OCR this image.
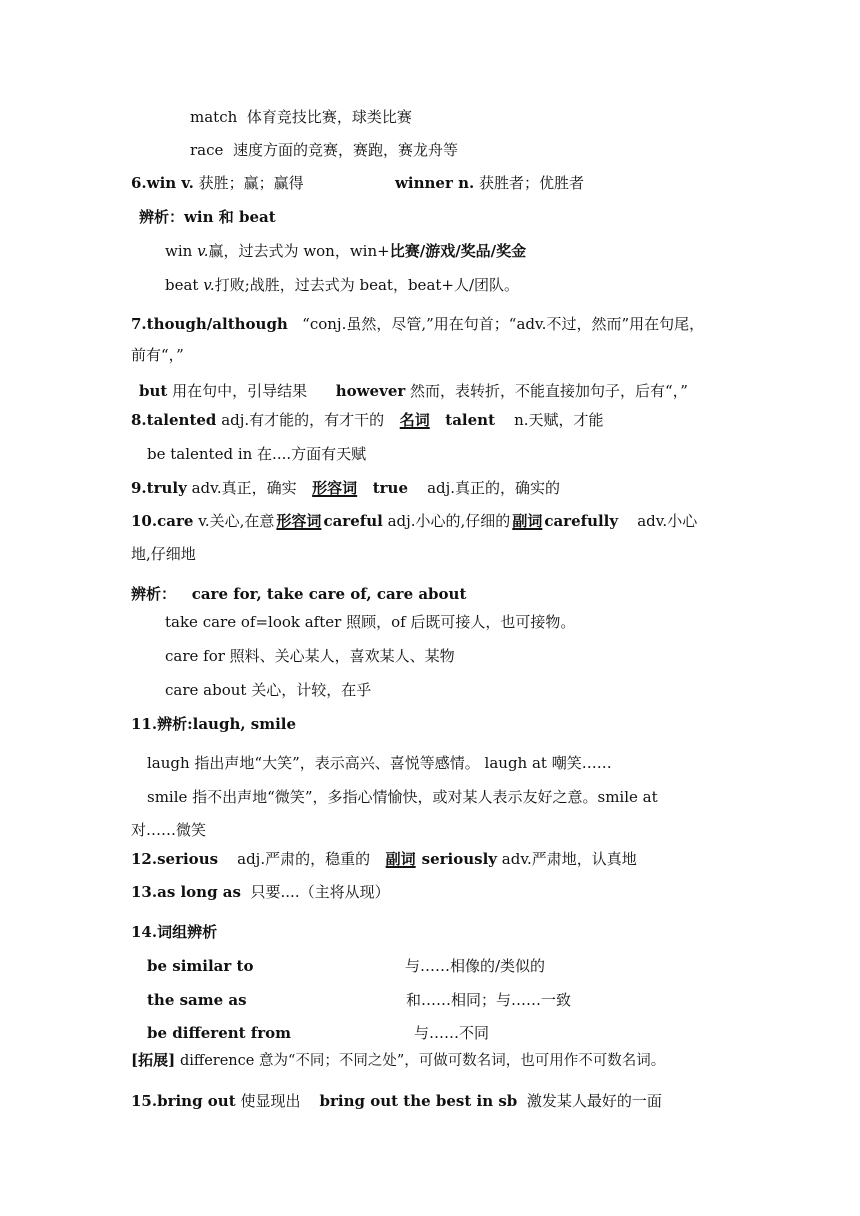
match 体育竞技比赛，球类比赛
race 速度方面的竞赛，赛跑，赛龙舟等
6.win v. 获胜；赢；赢得	winner n. 获胜者；优胜者
辨析：win 和 beat
win v.赢，过去式为 won，win+比赛/游戏/奖品/奖金
beat v.打败;战胜，过去式为 beat，beat+人/团队。
7.though/although “conj.虽然，尽管,”用在句首；“adv.不过，然而”用在句尾，
前有“，”
but 用在句中，引导结果 however 然而，表转折，不能直接加句子，后有“，”
8.talented adj.有才能的，有才干的 名词 talent n.天赋，才能
be talented in 在....方面有天赋
9.truly adv.真正，确实 形容词 true adj.真正的，确实的
10.care v.关心,在意 形容词 careful adj.小心的,仔细的 副词 carefully adv.小心
地,仔细地
辨析： care for, take care of, care about
take care of=look after 照顾，of 后既可接人，也可接物。
care for 照料、关心某人，喜欢某人、某物
care about 关心，计较，在乎
11.辨析:laugh, smile
laugh 指出声地“大笑”，表示高兴、喜悦等感情。 laugh at 嘲笑……
smile 指不出声地“微笑”，多指心情愉快，或对某人表示友好之意。smile at
对……微笑
12.serious adj.严肃的，稳重的 副词 seriously adv.严肃地，认真地
13.as long as 只要....（主将从现）
14.词组辨析
be similar to	与……相像的/类似的
the same as	和……相同；与……一致
be different from	与……不同
[拓展] difference 意为“不同；不同之处”，可做可数名词，也可用作不可数名词。
15.bring out 使显现出 bring out the best in sb 激发某人最好的一面
